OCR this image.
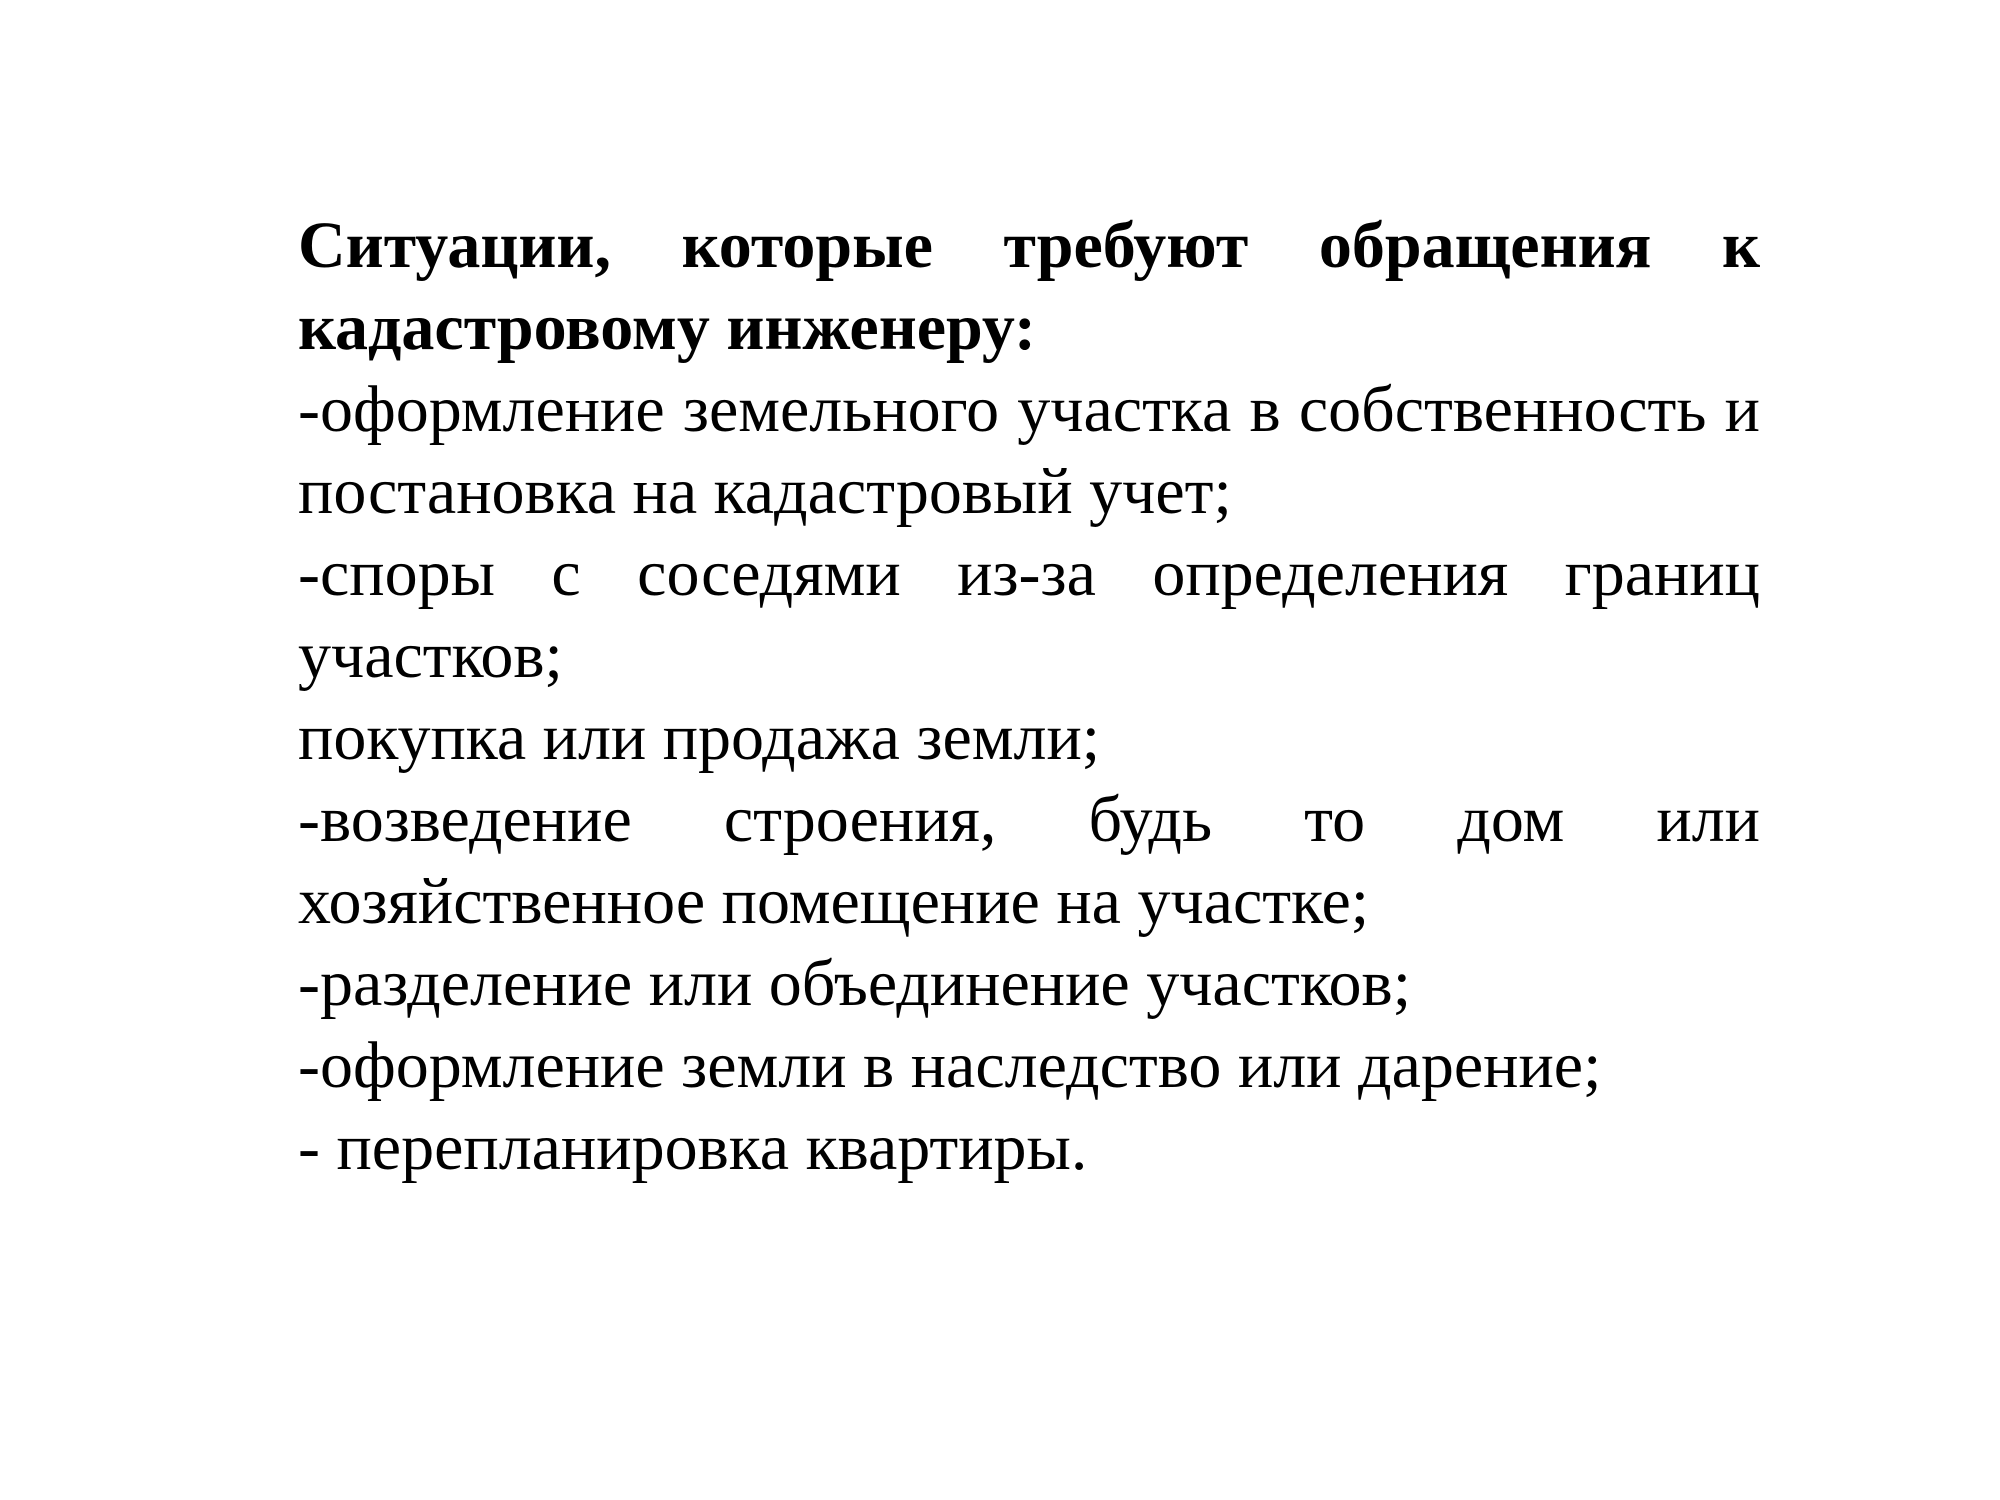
Ситуации, которые требуют обращения к кадастровому инженеру:

-оформление земельного участка в собственность и постановка на кадастровый учет;

-споры с соседями из-за определения границ участков;

покупка или продажа земли;

-возведение строения, будь то дом или хозяйственное помещение на участке;

-разделение или объединение участков;

-оформление земли в наследство или дарение;

- перепланировка квартиры.
